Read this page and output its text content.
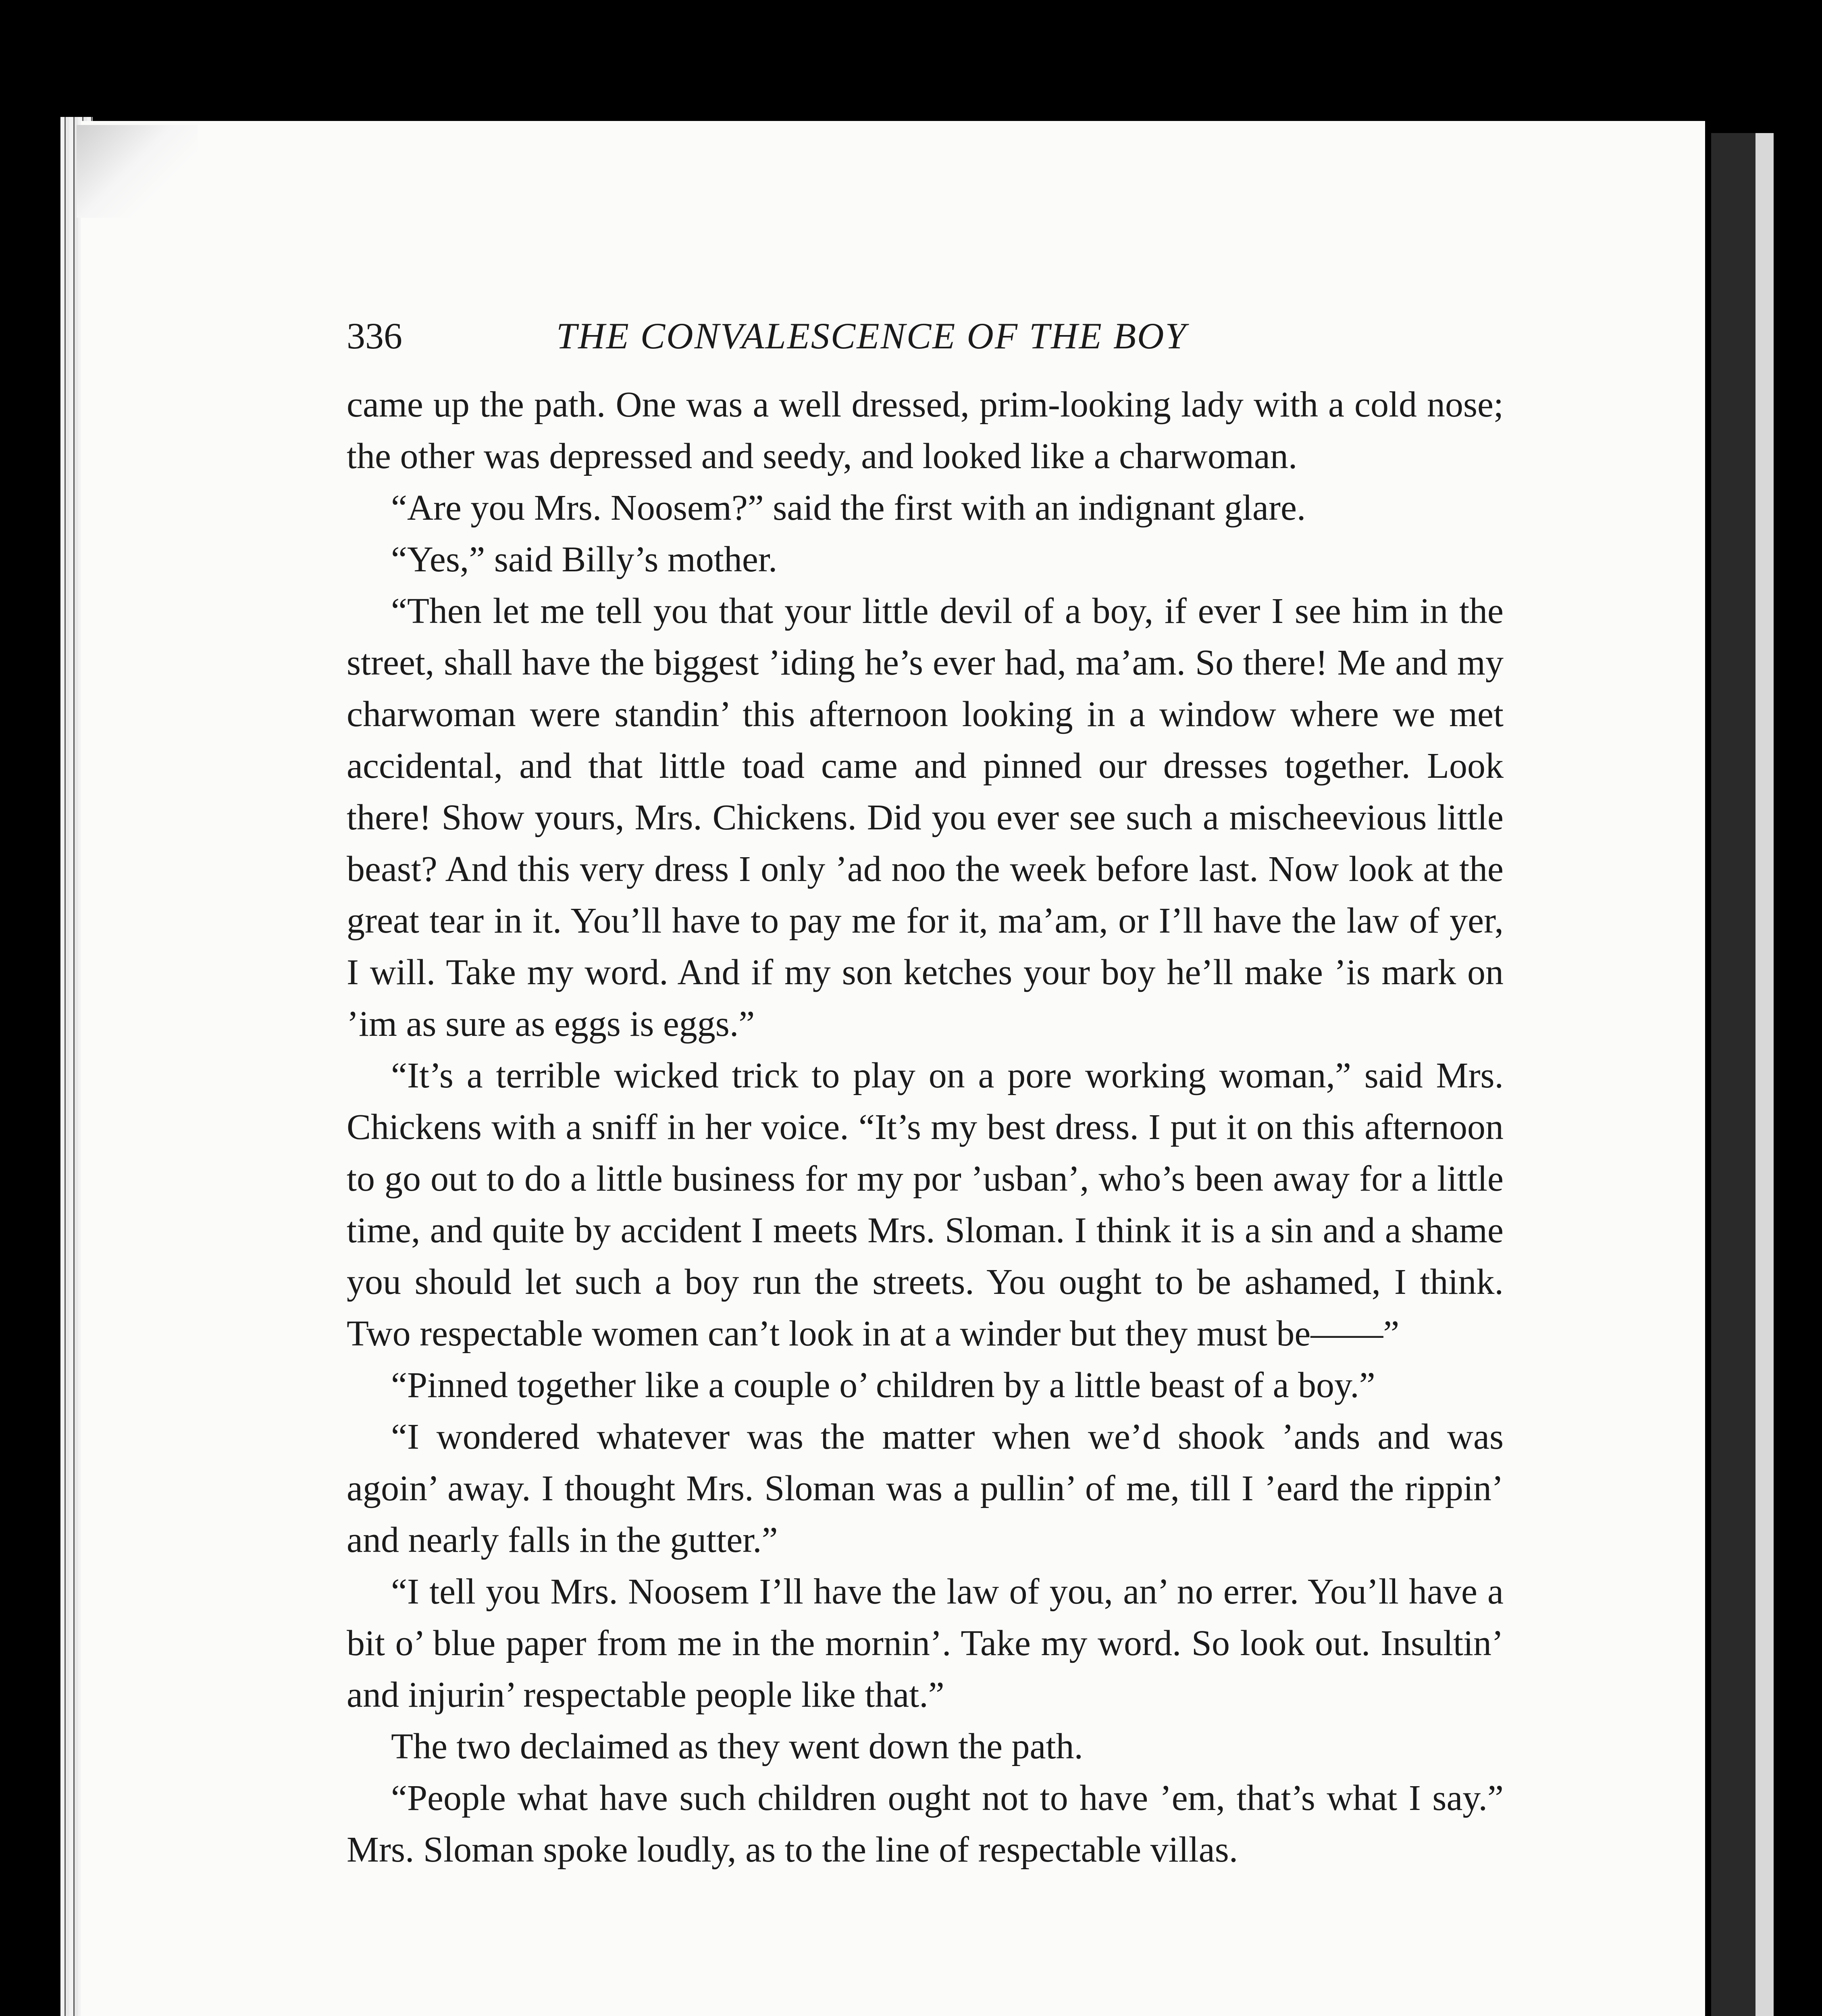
336	THE CONVALESCENCE OF THE BOY

came up the path. One was a well dressed, prim-looking lady with a cold nose; the other was depressed and seedy, and looked like a charwoman.

“Are you Mrs. Noosem?” said the first with an indignant glare.

“Yes,” said Billy’s mother.

“Then let me tell you that your little devil of a boy, if ever I see him in the street, shall have the biggest ’iding he’s ever had, ma’am. So there! Me and my charwoman were standin’ this afternoon looking in a window where we met accidental, and that little toad came and pinned our dresses together. Look there! Show yours, Mrs. Chickens. Did you ever see such a mischeevious little beast? And this very dress I only ’ad noo the week before last. Now look at the great tear in it. You’ll have to pay me for it, ma’am, or I’ll have the law of yer, I will. Take my word. And if my son ketches your boy he’ll make ’is mark on ’im as sure as eggs is eggs.”

“It’s a terrible wicked trick to play on a pore working woman,” said Mrs. Chickens with a sniff in her voice. “It’s my best dress. I put it on this afternoon to go out to do a little business for my por ’usban’, who’s been away for a little time, and quite by accident I meets Mrs. Sloman. I think it is a sin and a shame you should let such a boy run the streets. You ought to be ashamed, I think. Two respectable women can’t look in at a winder but they must be——”

“Pinned together like a couple o’ children by a little beast of a boy.”

“I wondered whatever was the matter when we’d shook ’ands and was agoin’ away. I thought Mrs. Sloman was a pullin’ of me, till I ’eard the rippin’ and nearly falls in the gutter.”

“I tell you Mrs. Noosem I’ll have the law of you, an’ no errer. You’ll have a bit o’ blue paper from me in the mornin’. Take my word. So look out. Insultin’ and injurin’ respectable people like that.”

The two declaimed as they went down the path.

“People what have such children ought not to have ’em, that’s what I say.” Mrs. Sloman spoke loudly, as to the line of respectable villas.
